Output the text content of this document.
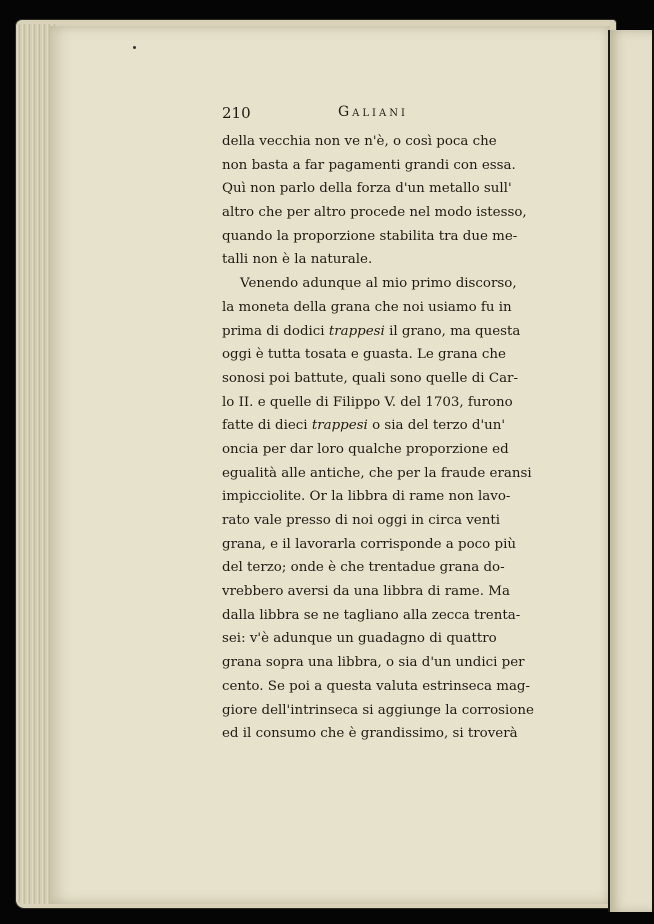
210	Galiani
della vecchia non ve n'è, o così poca che
non basta a far pagamenti grandi con essa.
Quì non parlo della forza d'un metallo sull'
altro che per altro procede nel modo istesso,
quando la proporzione stabilita tra due me-
talli non è la naturale.
Venendo adunque al mio primo discorso,
la moneta della grana che noi usiamo fu in
prima di dodici trappesi il grano, ma questa
oggi è tutta tosata e guasta. Le grana che
sonosi poi battute, quali sono quelle di Car-
lo II. e quelle di Filippo V. del 1703, furono
fatte di dieci trappesi o sia del terzo d'un'
oncia per dar loro qualche proporzione ed
egualità alle antiche, che per la fraude eransi
impicciolite. Or la libbra di rame non lavo-
rato vale presso di noi oggi in circa venti
grana, e il lavorarla corrisponde a poco più
del terzo; onde è che trentadue grana do-
vrebbero aversi da una libbra di rame. Ma
dalla libbra se ne tagliano alla zecca trenta-
sei: v'è adunque un guadagno di quattro
grana sopra una libbra, o sia d'un undici per
cento. Se poi a questa valuta estrinseca mag-
giore dell'intrinseca si aggiunge la corrosione
ed il consumo che è grandissimo, si troverà
